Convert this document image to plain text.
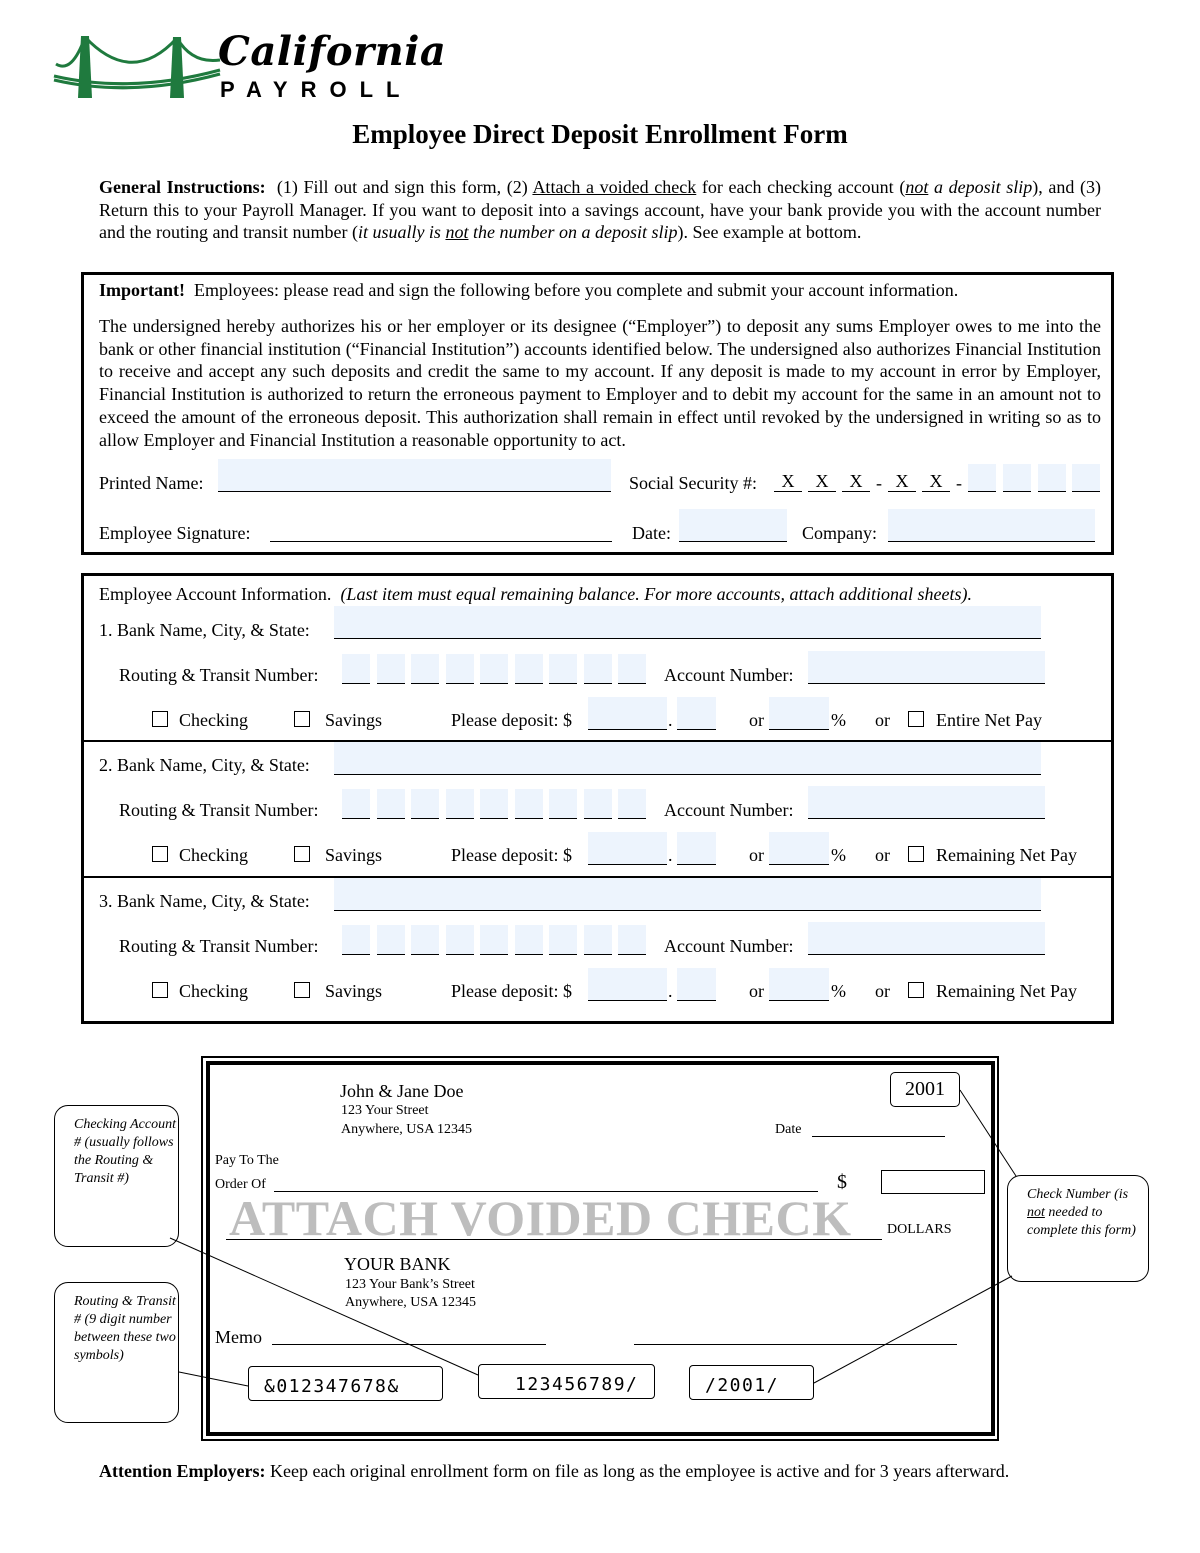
California
PAYROLL
Employee Direct Deposit Enrollment Form
General Instructions: (1) Fill out and sign this form, (2) Attach a voided check for each checking account (not a deposit slip), and (3) Return this to your Payroll Manager. If you want to deposit into a savings account, have your bank provide you with the account number and the routing and transit number (it usually is not the number on a deposit slip). See example at bottom.
Important! Employees: please read and sign the following before you complete and submit your account information.
The undersigned hereby authorizes his or her employer or its designee (“Employer”) to deposit any sums Employer owes to me into the bank or other financial institution (“Financial Institution”) accounts identified below. The undersigned also authorizes Financial Institution to receive and accept any such deposits and credit the same to my account. If any deposit is made to my account in error by Employer, Financial Institution is authorized to return the erroneous payment to Employer and to debit my account for the same in an amount not to exceed the amount of the erroneous deposit. This authorization shall remain in effect until revoked by the undersigned in writing so as to allow Employer and Financial Institution a reasonable opportunity to act.
Printed Name:	Social Security #:	X	X	X - X	X -
Employee Signature:	Date:	Company:
Employee Account Information. (Last item must equal remaining balance. For more accounts, attach additional sheets).
1. Bank Name, City, & State:
Routing & Transit Number:	Account Number:
Checking	Savings	Please deposit: $	.	or	% or	Entire Net Pay
2. Bank Name, City, & State:
Routing & Transit Number:	Account Number:
Checking	Savings	Please deposit: $	.	or	% or	Remaining Net Pay
3. Bank Name, City, & State:
Routing & Transit Number:	Account Number:
Checking	Savings	Please deposit: $	.	or	% or	Remaining Net Pay
John & Jane Doe
123 Your Street
Anywhere, USA 12345
2001
Date
Pay To The
Order Of	$
ATTACH VOIDED CHECK	DOLLARS
YOUR BANK
123 Your Bank’s Street
Anywhere, USA 12345
Memo
&012347678&	123456789/	/2001/
Checking Account # (usually follows the Routing & Transit #)
Routing & Transit # (9 digit number between these two symbols)
Check Number (is not needed to complete this form)
Attention Employers: Keep each original enrollment form on file as long as the employee is active and for 3 years afterward.
